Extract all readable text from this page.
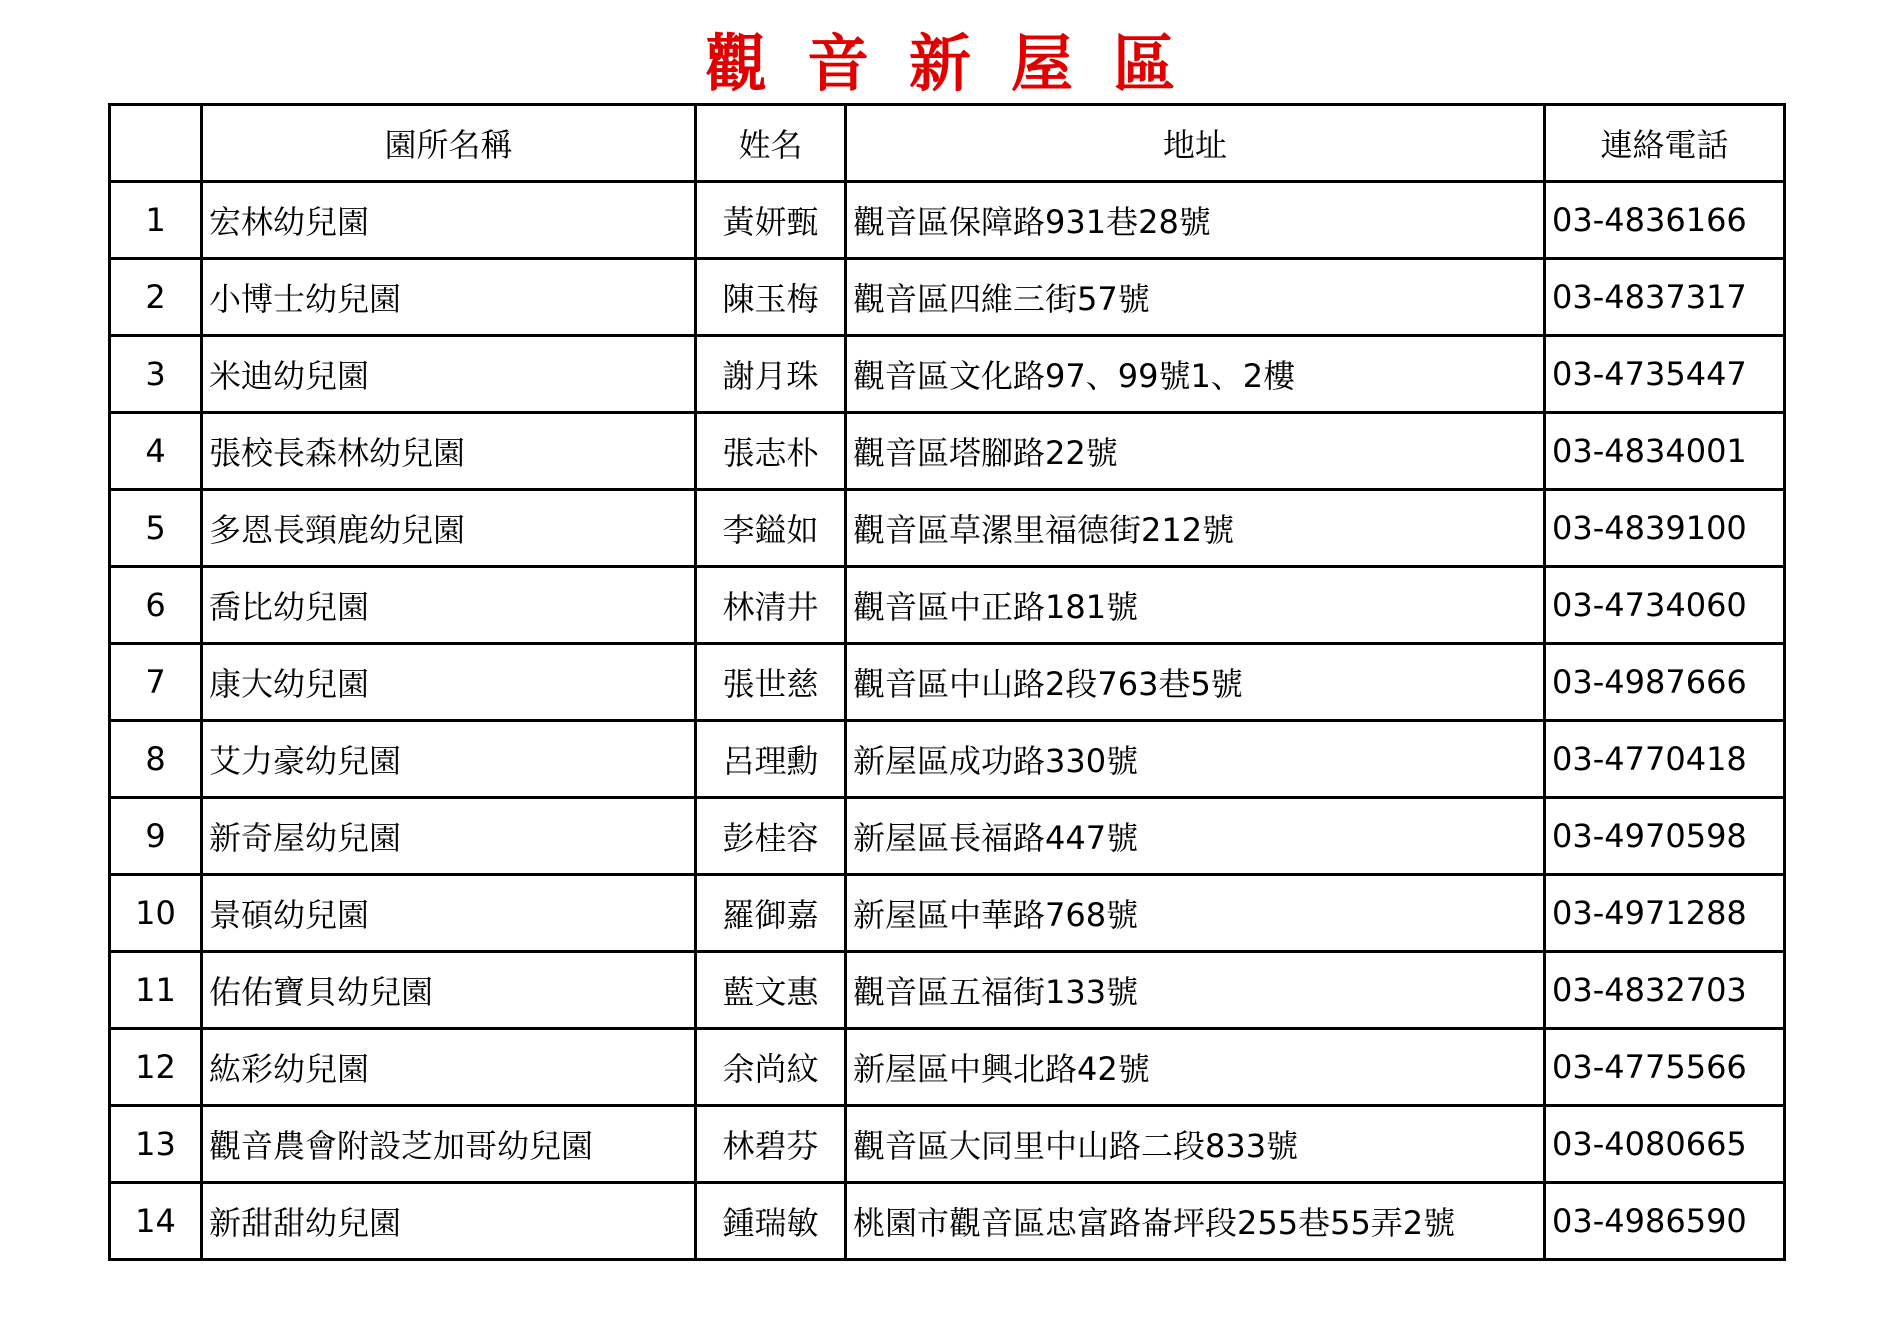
觀音新屋區
	園所名稱	姓名	地址	連絡電話
1	宏林幼兒園	黃妍甄	觀音區保障路931巷28號	03-4836166
2	小博士幼兒園	陳玉梅	觀音區四維三街57號	03-4837317
3	米迪幼兒園	謝月珠	觀音區文化路97、99號1、2樓	03-4735447
4	張校長森林幼兒園	張志朴	觀音區塔腳路22號	03-4834001
5	多恩長頸鹿幼兒園	李鎰如	觀音區草漯里福德街212號	03-4839100
6	喬比幼兒園	林清井	觀音區中正路181號	03-4734060
7	康大幼兒園	張世慈	觀音區中山路2段763巷5號	03-4987666
8	艾力豪幼兒園	呂理勳	新屋區成功路330號	03-4770418
9	新奇屋幼兒園	彭桂容	新屋區長福路447號	03-4970598
10	景碩幼兒園	羅御嘉	新屋區中華路768號	03-4971288
11	佑佑寶貝幼兒園	藍文惠	觀音區五福街133號	03-4832703
12	紘彩幼兒園	余尚紋	新屋區中興北路42號	03-4775566
13	觀音農會附設芝加哥幼兒園	林碧芬	觀音區大同里中山路二段833號	03-4080665
14	新甜甜幼兒園	鍾瑞敏	桃園市觀音區忠富路崙坪段255巷55弄2號	03-4986590
